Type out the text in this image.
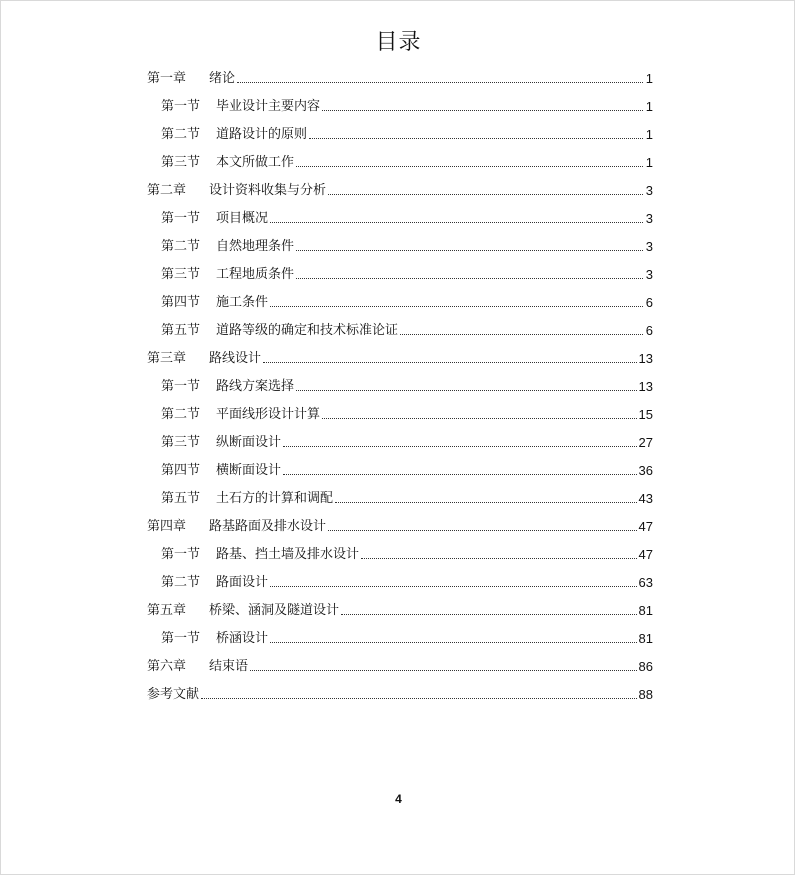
目录
第一章	绪论	1
第一节	毕业设计主要内容	1
第二节	道路设计的原则	1
第三节	本文所做工作	1
第二章	设计资料收集与分析	3
第一节	项目概况	3
第二节	自然地理条件	3
第三节	工程地质条件	3
第四节	施工条件	6
第五节	道路等级的确定和技术标准论证	6
第三章	路线设计	13
第一节	路线方案选择	13
第二节	平面线形设计计算	15
第三节	纵断面设计	27
第四节	横断面设计	36
第五节	土石方的计算和调配	43
第四章	路基路面及排水设计	47
第一节	路基、挡土墙及排水设计	47
第二节	路面设计	63
第五章	桥梁、涵洞及隧道设计	81
第一节	桥涵设计	81
第六章	结束语	86
参考文献	88
4
